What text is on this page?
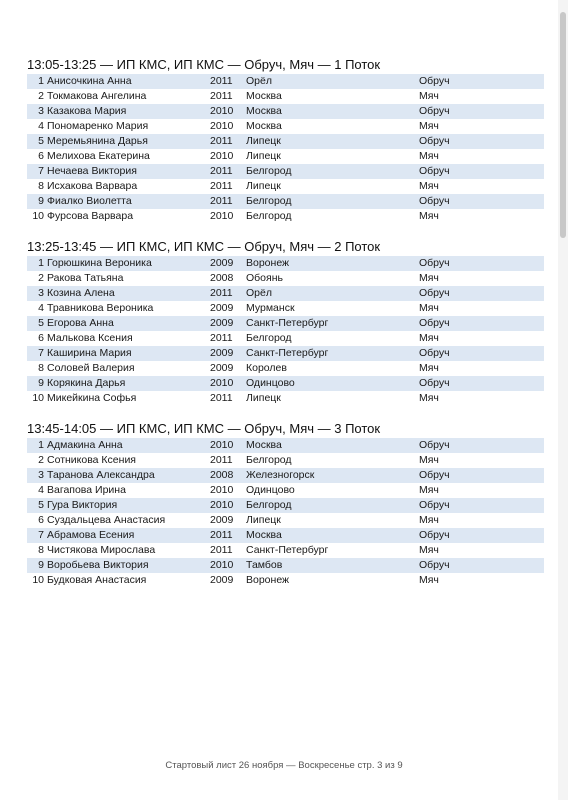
13:05-13:25 — ИП КМС, ИП КМС — Обруч, Мяч — 1 Поток
1 Анисочкина Анна	2011 Орёл	Обруч
2 Токмакова Ангелина	2011 Москва	Мяч
3 Казакова Мария	2010 Москва	Обруч
4 Пономаренко Мария	2010 Москва	Мяч
5 Меремьянина Дарья	2011 Липецк	Обруч
6 Мелихова Екатерина	2010 Липецк	Мяч
7 Нечаева Виктория	2011 Белгород	Обруч
8 Исхакова Варвара	2011 Липецк	Мяч
9 Фиалко Виолетта	2011 Белгород	Обруч
10 Фурсова Варвара	2010 Белгород	Мяч
13:25-13:45 — ИП КМС, ИП КМС — Обруч, Мяч — 2 Поток
1 Горюшкина Вероника	2009 Воронеж	Обруч
2 Ракова Татьяна	2008 Обоянь	Мяч
3 Козина Алена	2011 Орёл	Обруч
4 Травникова Вероника	2009 Мурманск	Мяч
5 Егорова Анна	2009 Санкт-Петербург	Обруч
6 Малькова Ксения	2011 Белгород	Мяч
7 Каширина Мария	2009 Санкт-Петербург	Обруч
8 Соловей Валерия	2009 Королев	Мяч
9 Корякина Дарья	2010 Одинцово	Обруч
10 Микейкина Софья	2011 Липецк	Мяч
13:45-14:05 — ИП КМС, ИП КМС — Обруч, Мяч — 3 Поток
1 Адмакина Анна	2010 Москва	Обруч
2 Сотникова Ксения	2011 Белгород	Мяч
3 Таранова Александра	2008 Железногорск	Обруч
4 Вагапова Ирина	2010 Одинцово	Мяч
5 Гура Виктория	2010 Белгород	Обруч
6 Суздальцева Анастасия	2009 Липецк	Мяч
7 Абрамова Есения	2011 Москва	Обруч
8 Чистякова Мирослава	2011 Санкт-Петербург	Мяч
9 Воробьева Виктория	2010 Тамбов	Обруч
10 Будковая Анастасия	2009 Воронеж	Мяч
Стартовый лист 26 ноября — Воскресенье стр. 3 из 9
